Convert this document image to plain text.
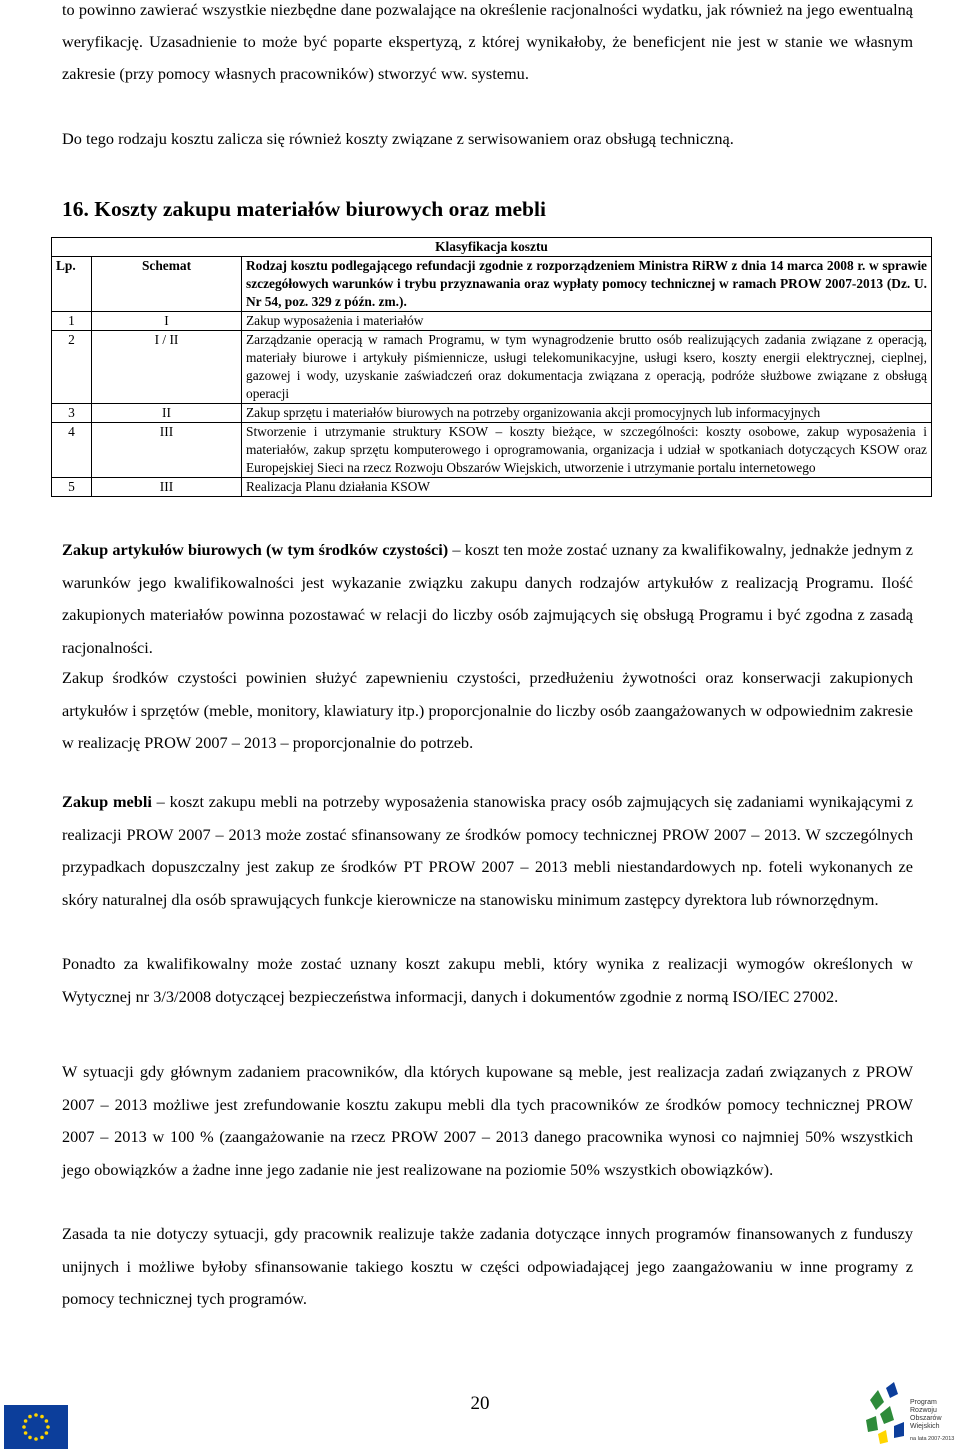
to powinno zawierać wszystkie niezbędne dane pozwalające na określenie racjonalności wydatku, jak również na jego ewentualną weryfikację. Uzasadnienie to może być poparte ekspertyzą, z której wynikałoby, że beneficjent nie jest w stanie we własnym zakresie (przy pomocy własnych pracowników) stworzyć ww. systemu.

Do tego rodzaju kosztu zalicza się również koszty związane z serwisowaniem oraz obsługą techniczną.

16. Koszty zakupu materiałów biurowych oraz mebli
Klasyfikacja kosztu		
Lp.	Schemat	Rodzaj kosztu podlegającego refundacji zgodnie z rozporządzeniem Ministra RiRW z dnia 14 marca 2008 r. w sprawie szczegółowych warunków i trybu przyznawania oraz wypłaty pomocy technicznej w ramach PROW 2007-2013 (Dz. U. Nr 54, poz. 329 z późn. zm.).
1	I	Zakup wyposażenia i materiałów
2	I / II	Zarządzanie operacją w ramach Programu, w tym wynagrodzenie brutto osób realizujących zadania związane z operacją, materiały biurowe i artykuły piśmiennicze, usługi telekomunikacyjne, usługi ksero, koszty energii elektrycznej, cieplnej, gazowej i wody, uzyskanie zaświadczeń oraz dokumentacja związana z operacją, podróże służbowe związane z obsługą operacji
3	II	Zakup sprzętu i materiałów biurowych na potrzeby organizowania akcji promocyjnych lub informacyjnych
4	III	Stworzenie i utrzymanie struktury KSOW – koszty bieżące, w szczególności: koszty osobowe, zakup wyposażenia i materiałów, zakup sprzętu komputerowego i oprogramowania, organizacja i udział w spotkaniach dotyczących KSOW oraz Europejskiej Sieci na rzecz Rozwoju Obszarów Wiejskich, utworzenie i utrzymanie portalu internetowego
5	III	Realizacja Planu działania KSOW

Zakup artykułów biurowych (w tym środków czystości) – koszt ten może zostać uznany za kwalifikowalny, jednakże jednym z warunków jego kwalifikowalności jest wykazanie związku zakupu danych rodzajów artykułów z realizacją Programu. Ilość zakupionych materiałów powinna pozostawać w relacji do liczby osób zajmujących się obsługą Programu i być zgodna z zasadą racjonalności.

Zakup środków czystości powinien służyć zapewnieniu czystości, przedłużeniu żywotności oraz konserwacji zakupionych artykułów i sprzętów (meble, monitory, klawiatury itp.) proporcjonalnie do liczby osób zaangażowanych w odpowiednim zakresie w realizację PROW 2007 – 2013 – proporcjonalnie do potrzeb.

Zakup mebli – koszt zakupu mebli na potrzeby wyposażenia stanowiska pracy osób zajmujących się zadaniami wynikającymi z realizacji PROW 2007 – 2013 może zostać sfinansowany ze środków pomocy technicznej PROW 2007 – 2013. W szczególnych przypadkach dopuszczalny jest zakup ze środków PT PROW 2007 – 2013 mebli niestandardowych np. foteli wykonanych ze skóry naturalnej dla osób sprawujących funkcje kierownicze na stanowisku minimum zastępcy dyrektora lub równorzędnym.

Ponadto za kwalifikowalny może zostać uznany koszt zakupu mebli, który wynika z realizacji wymogów określonych w Wytycznej nr 3/3/2008 dotyczącej bezpieczeństwa informacji, danych i dokumentów zgodnie z normą ISO/IEC 27002.

W sytuacji gdy głównym zadaniem pracowników, dla których kupowane są meble, jest realizacja zadań związanych z PROW 2007 – 2013 możliwe jest zrefundowanie kosztu zakupu mebli dla tych pracowników ze środków pomocy technicznej PROW 2007 – 2013 w 100 % (zaangażowanie na rzecz PROW 2007 – 2013 danego pracownika wynosi co najmniej 50% wszystkich jego obowiązków a żadne inne jego zadanie nie jest realizowane na poziomie 50% wszystkich obowiązków).

Zasada ta nie dotyczy sytuacji, gdy pracownik realizuje także zadania dotyczące innych programów finansowanych z funduszy unijnych i możliwe byłoby sfinansowanie takiego kosztu w części odpowiadającej jego zaangażowaniu w inne programy z pomocy technicznej tych programów.

20	Program
Rozwoju
Obszarów
Wiejskich
na lata 2007-2013
